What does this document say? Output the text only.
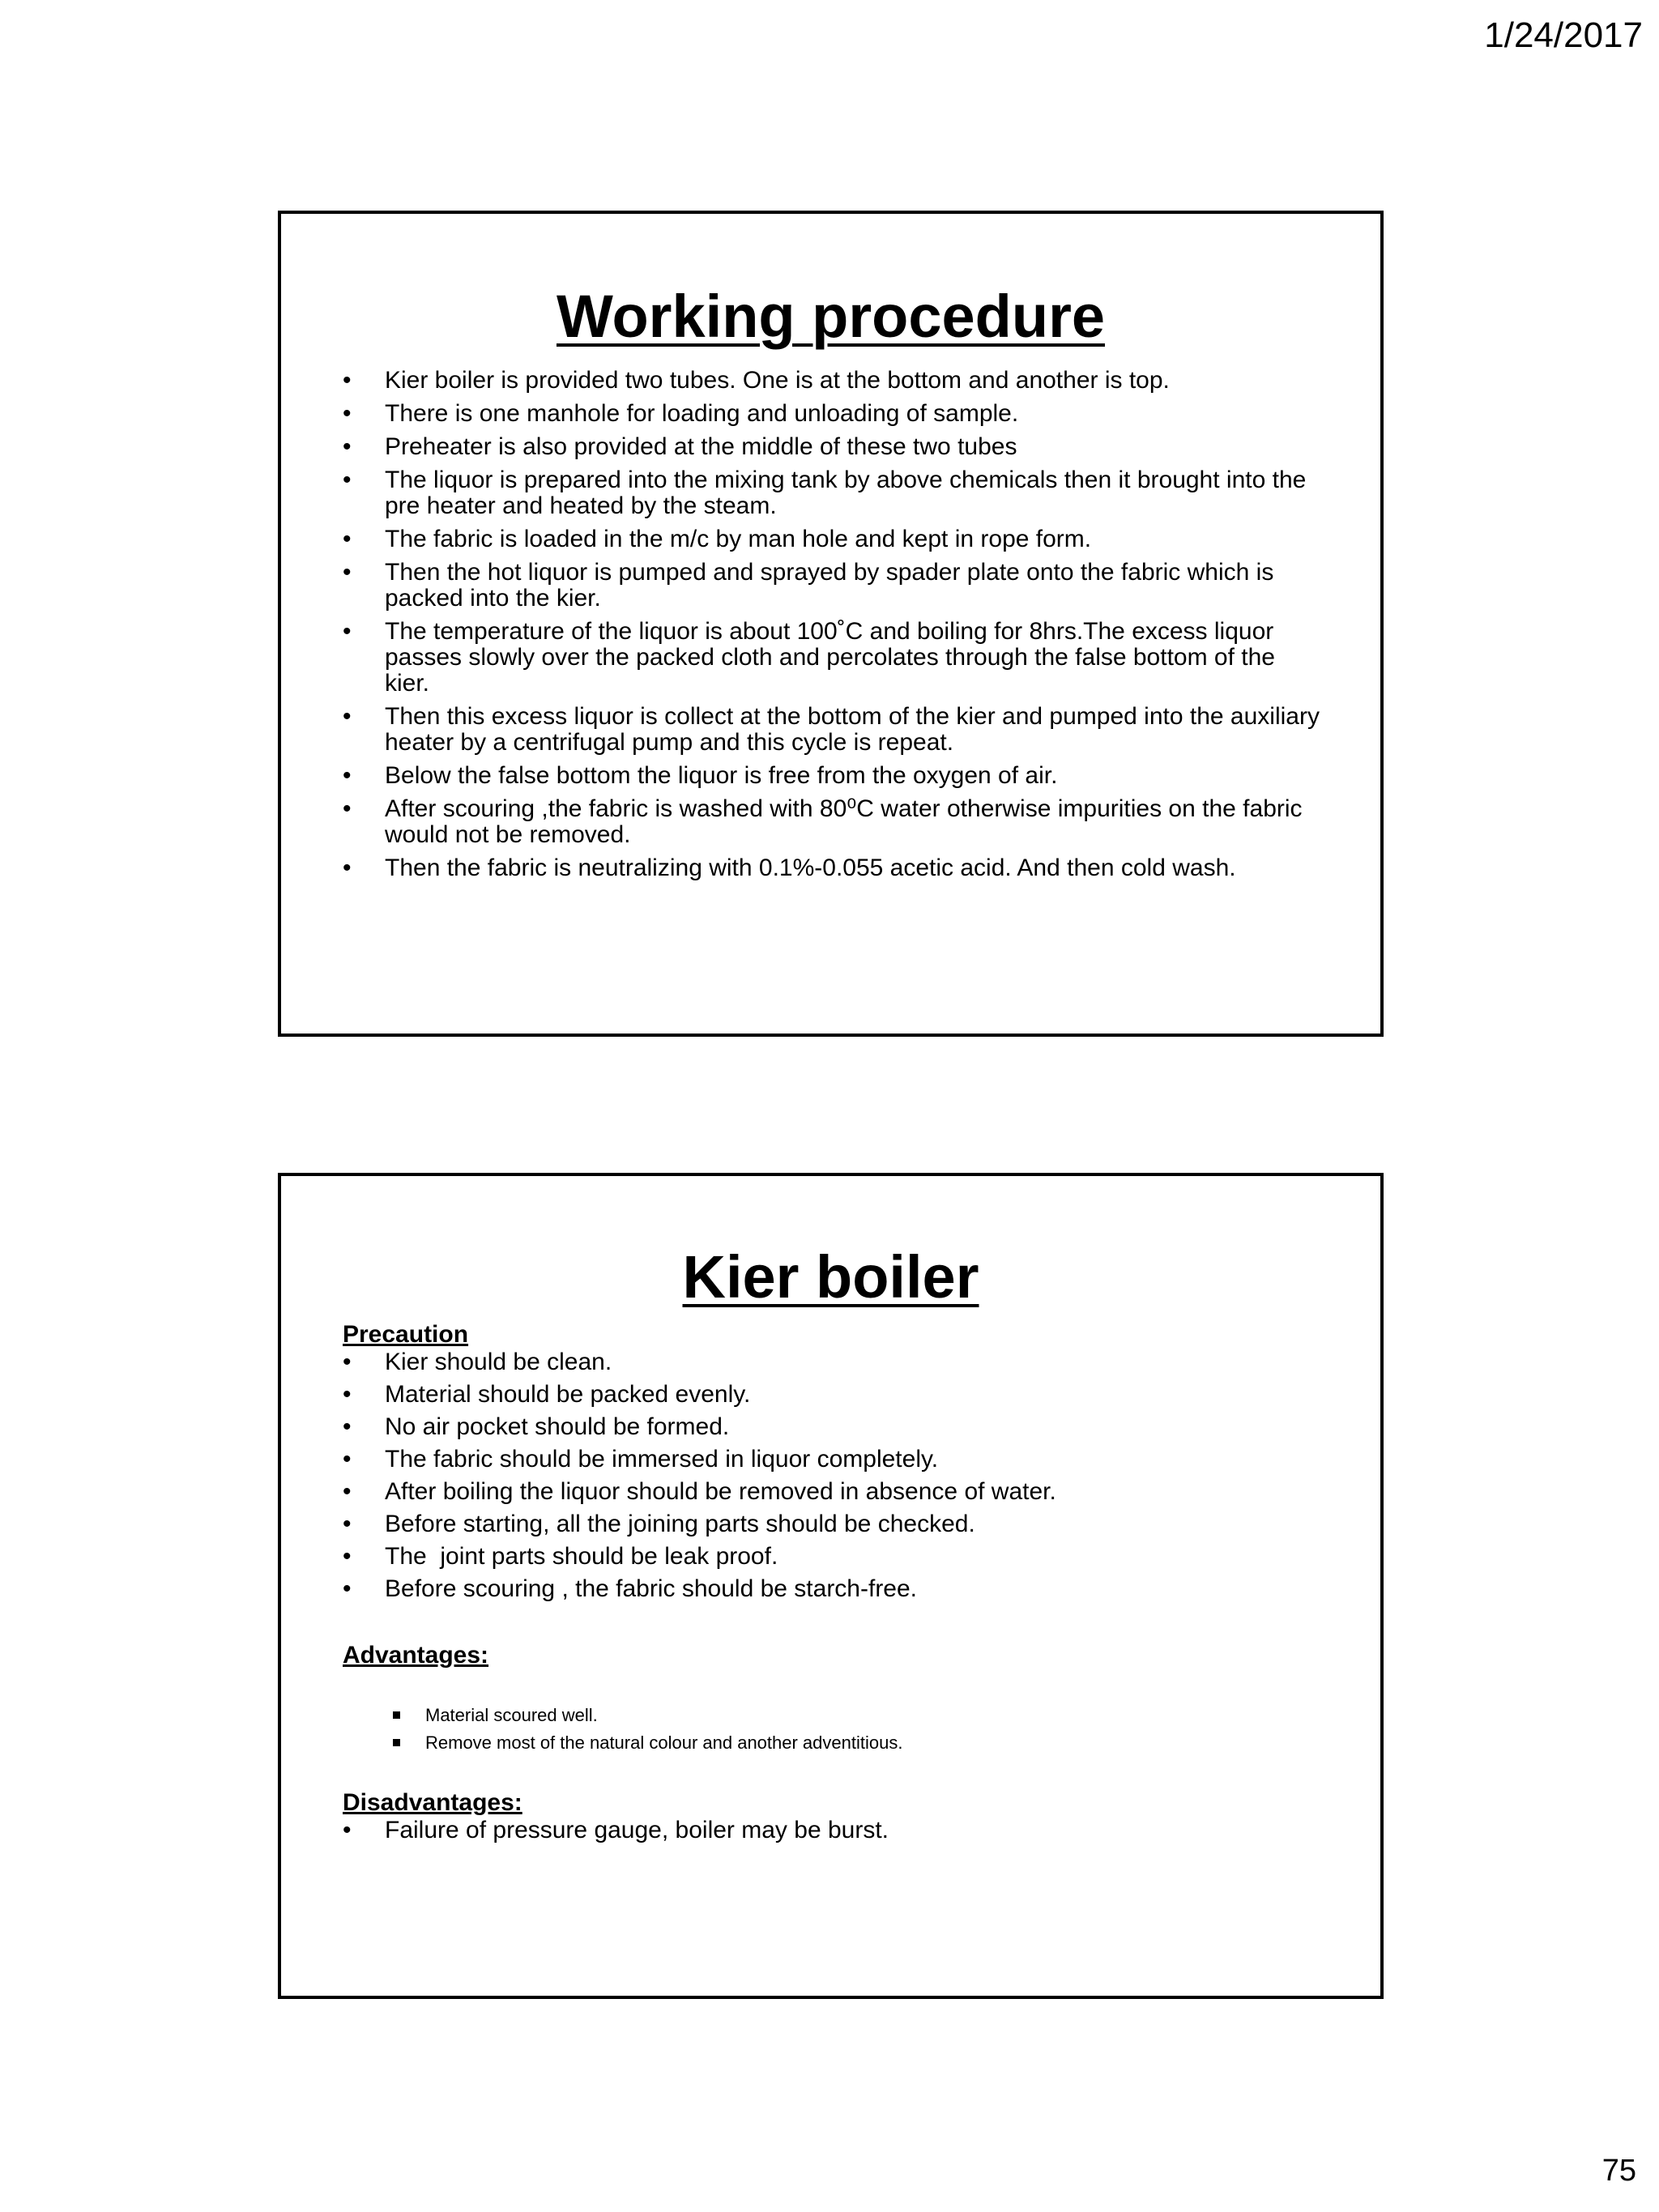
1/24/2017
Working procedure
• Kier boiler is provided two tubes. One is at the bottom and another is top.
• There is one manhole for loading and unloading of sample.
• Preheater is also provided at the middle of these two tubes
• The liquor is prepared into the mixing tank by above chemicals then it brought into the pre heater and heated by the steam.
• The fabric is loaded in the m/c by man hole and kept in rope form.
• Then the hot liquor is pumped and sprayed by spader plate onto the fabric which is packed into the kier.
• The temperature of the liquor is about 100˚C and boiling for 8hrs.The excess liquor passes slowly over the packed cloth and percolates through the false bottom of the kier.
• Then this excess liquor is collect at the bottom of the kier and pumped into the auxiliary heater by a centrifugal pump and this cycle is repeat.
• Below the false bottom the liquor is free from the oxygen of air.
• After scouring ,the fabric is washed with 80⁰C water otherwise impurities on the fabric would not be removed.
• Then the fabric is neutralizing with 0.1%-0.055 acetic acid. And then cold wash.
Kier boiler

Precaution

• Kier should be clean.
• Material should be packed evenly.
• No air pocket should be formed.
• The fabric should be immersed in liquor completely.
• After boiling the liquor should be removed in absence of water.
• Before starting, all the joining parts should be checked.
• The  joint parts should be leak proof.
• Before scouring , the fabric should be starch-free.

Advantages:

Material scoured well.
Remove most of the natural colour and another adventitious.

Disadvantages:

• Failure of pressure gauge, boiler may be burst.
75
